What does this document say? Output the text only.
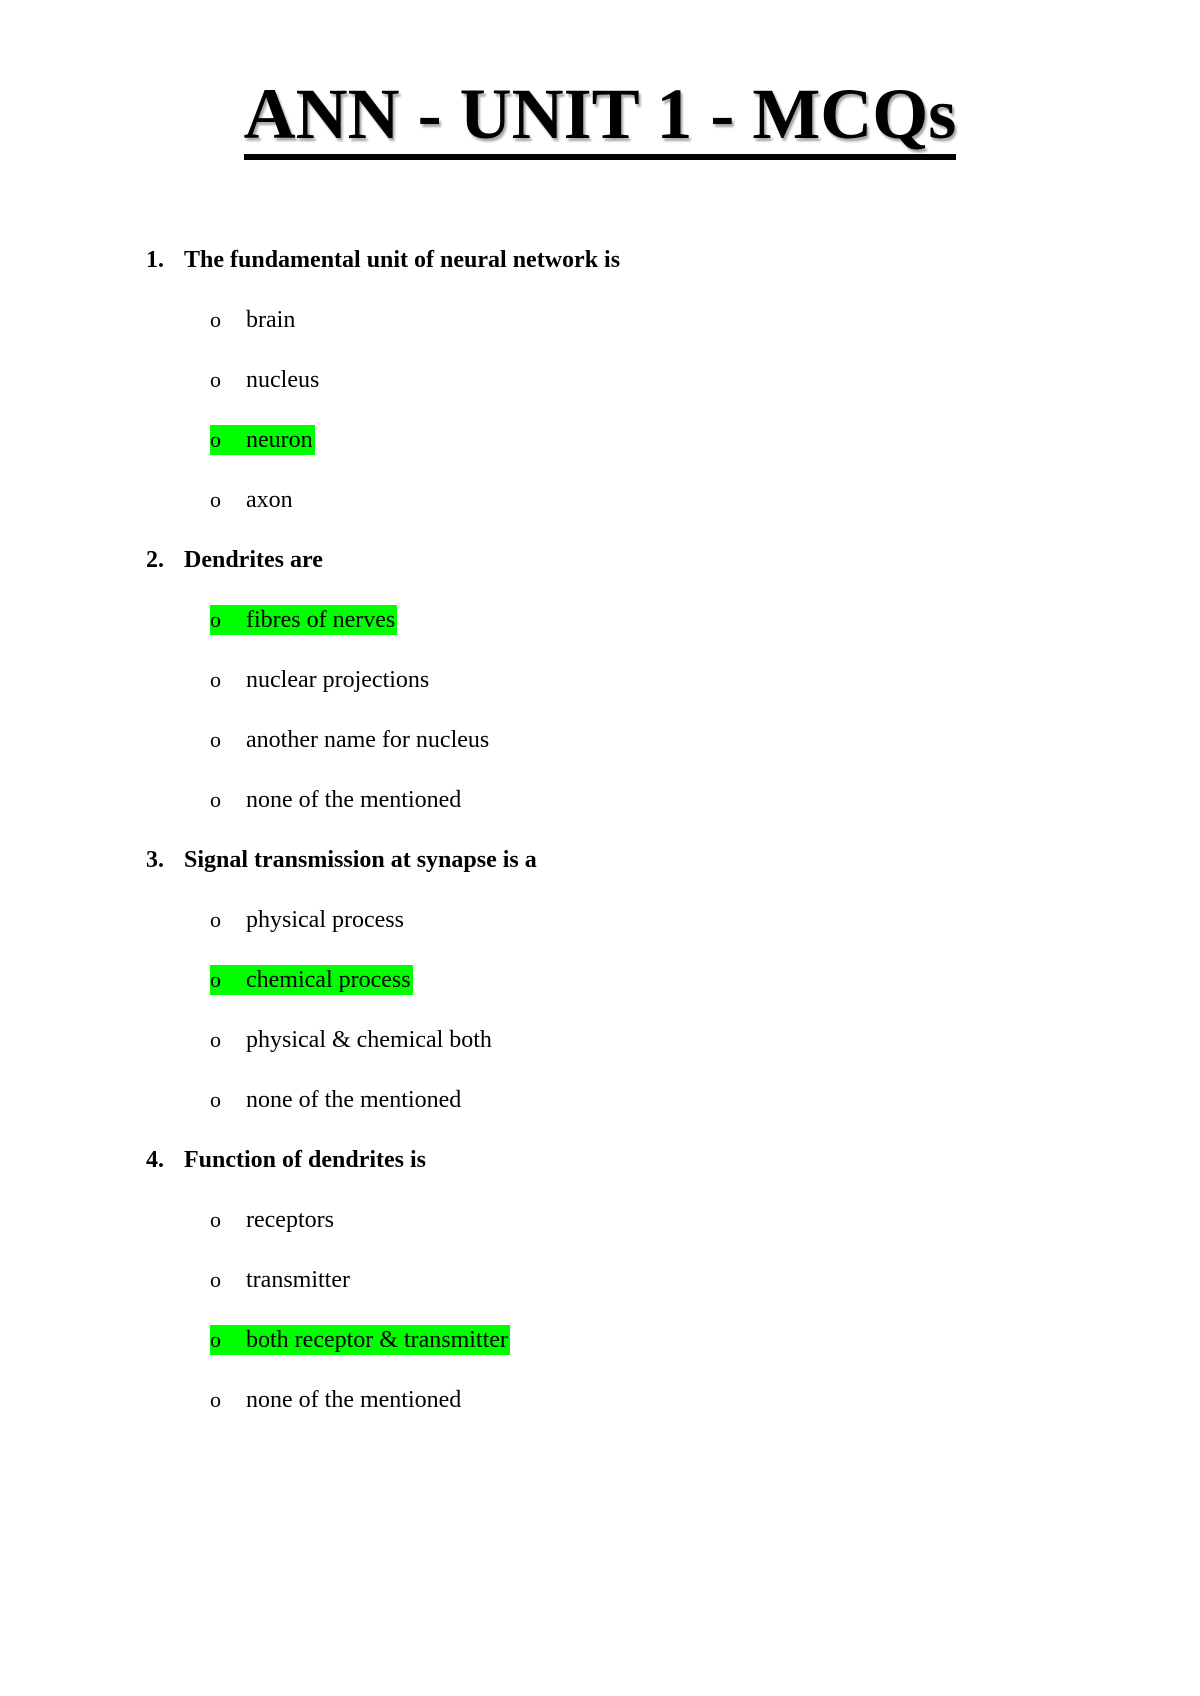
ANN - UNIT 1 - MCQs
1. The fundamental unit of neural network is
o brain
o nucleus
o neuron
o axon
2. Dendrites are
o fibres of nerves
o nuclear projections
o another name for nucleus
o none of the mentioned
3. Signal transmission at synapse is a
o physical process
o chemical process
o physical & chemical both
o none of the mentioned
4. Function of dendrites is
o receptors
o transmitter
o both receptor & transmitter
o none of the mentioned
